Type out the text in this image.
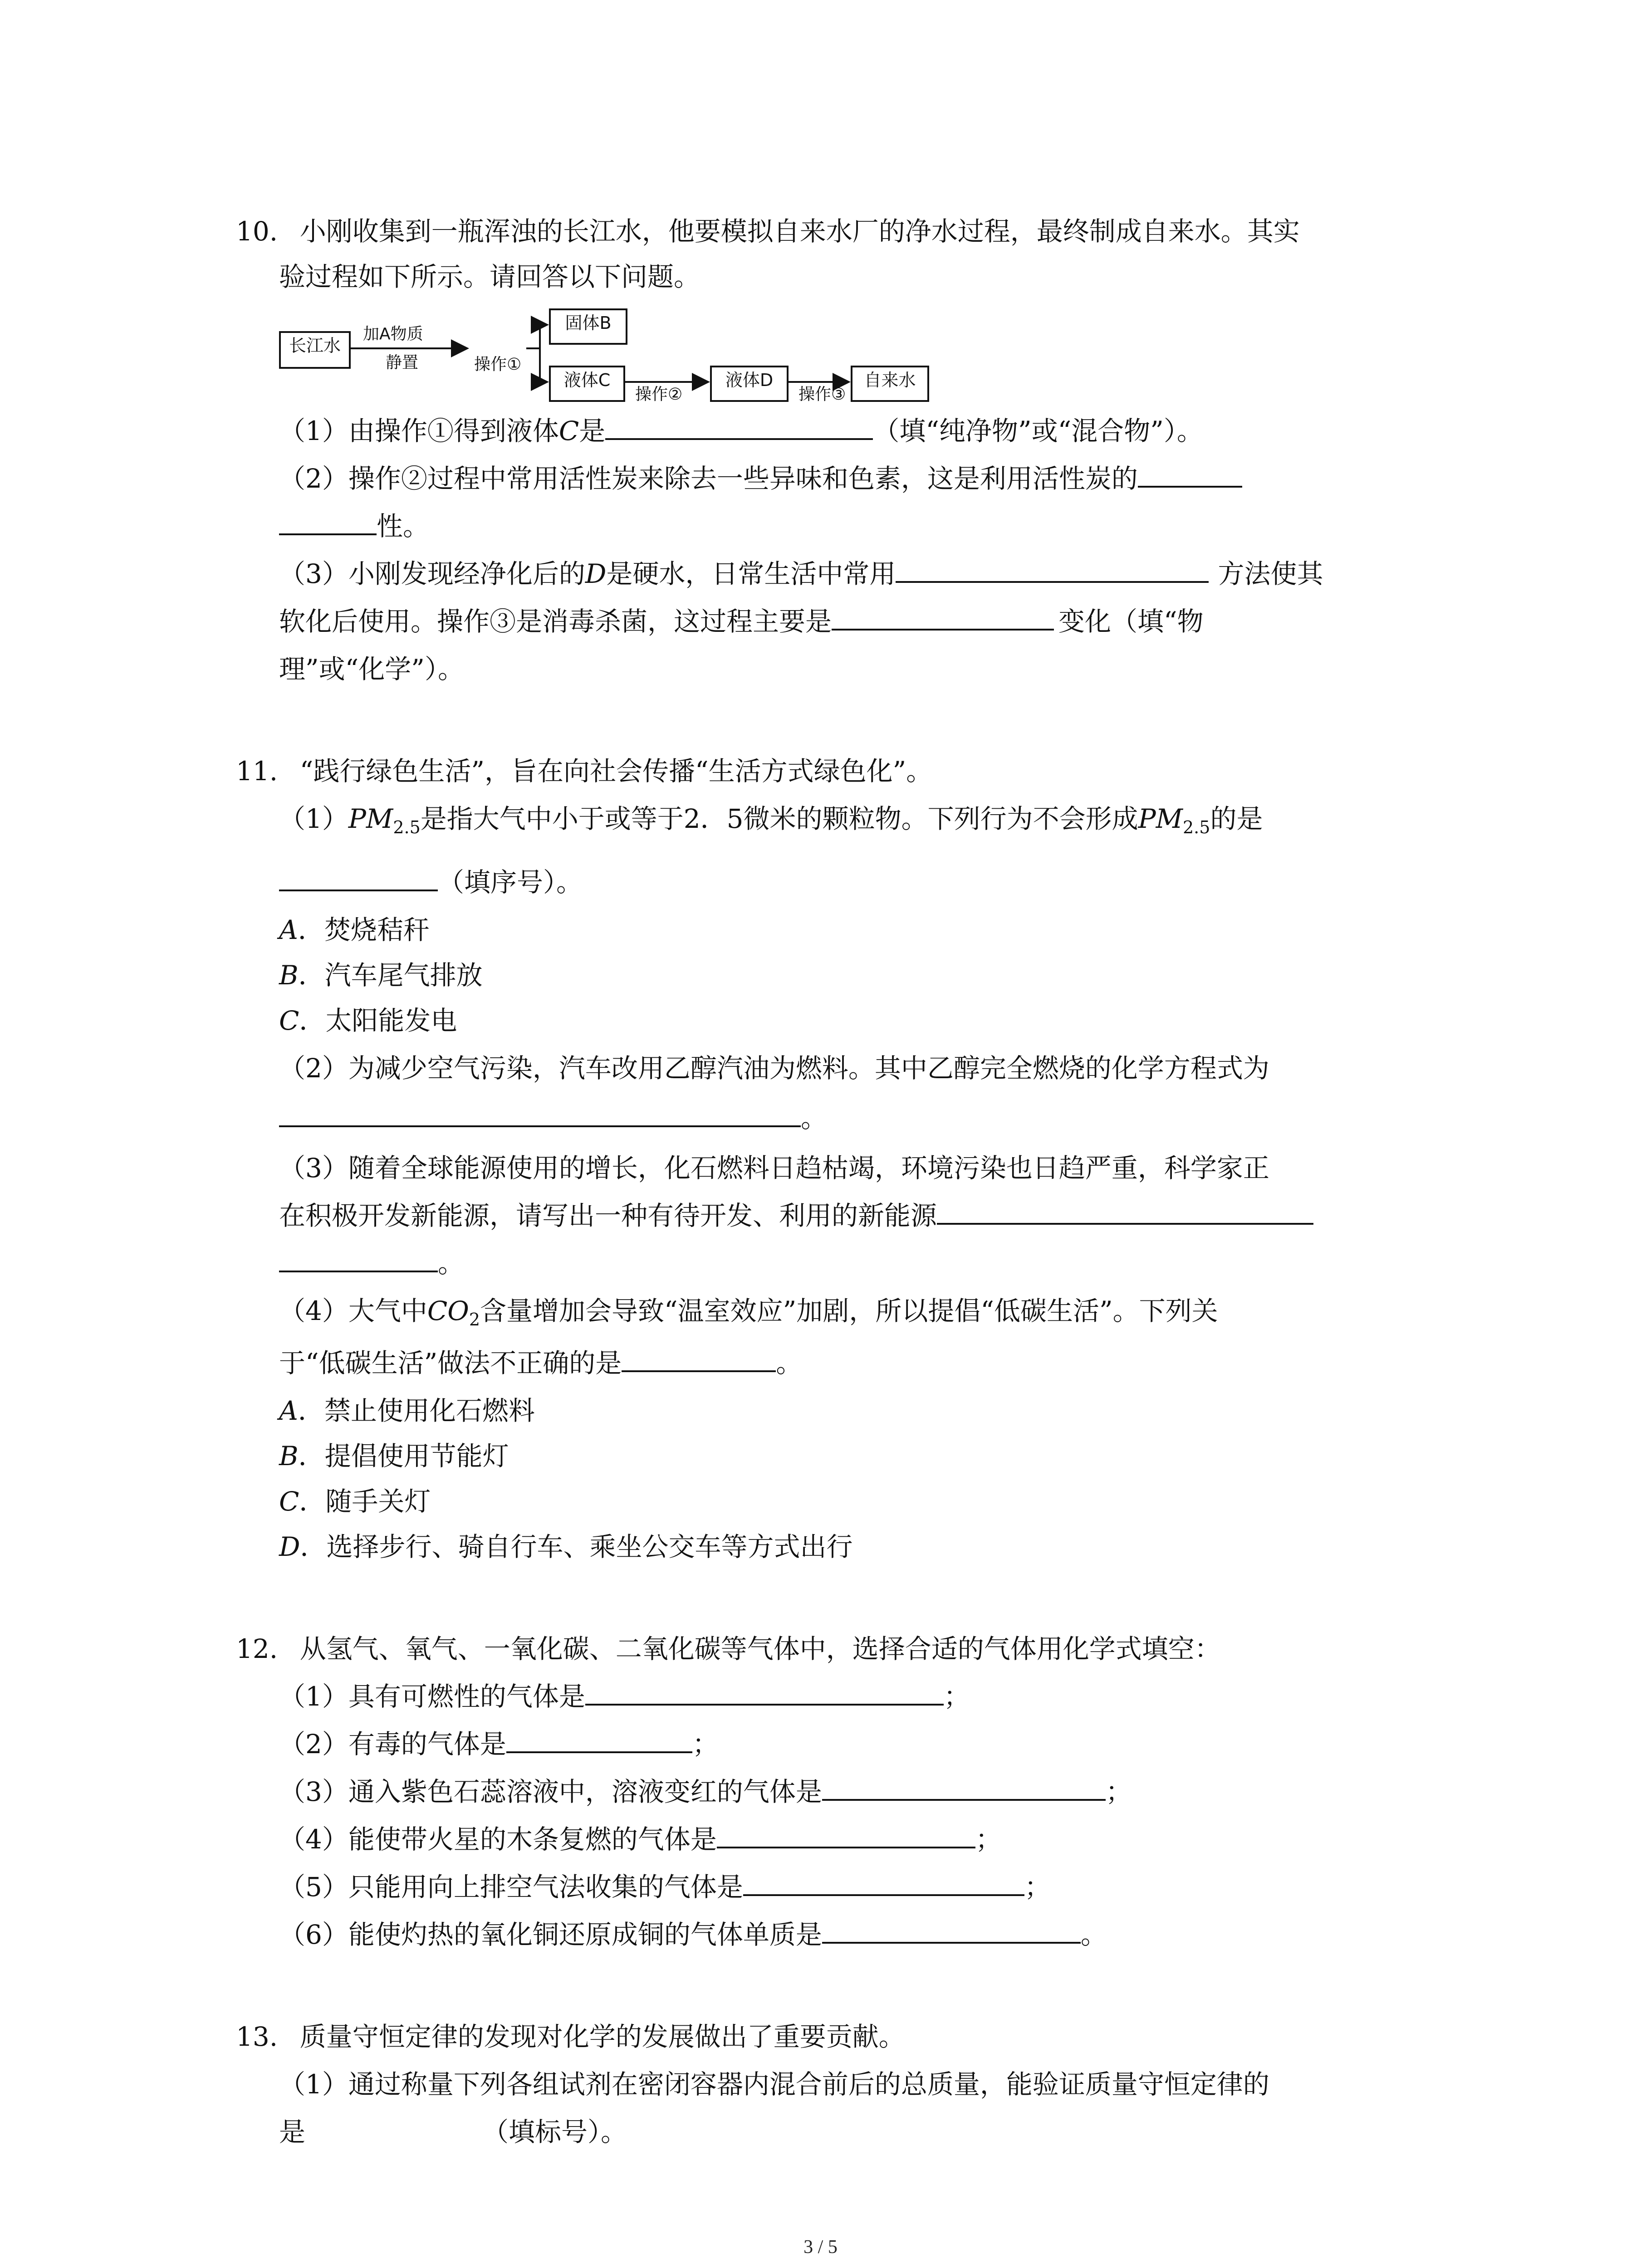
10. 小刚收集到一瓶浑浊的长江水，他要模拟自来水厂的净水过程，最终制成自来水。其实
验过程如下所示。请回答以下问题。
长江水
加A物质
静置	操作①
固体B
液体C
操作②
液体D
操作③
自来水
（1）由操作①得到液体C是	（填“纯净物”或“混合物”）。
（2）操作②过程中常用活性炭来除去一些异味和色素，这是利用活性炭的
性。
（3）小刚发现经净化后的D是硬水，日常生活中常用	方法使其
软化后使用。操作③是消毒杀菌，这过程主要是	变化（填“物
理”或“化学”）。
11. “践行绿色生活”，旨在向社会传播“生活方式绿色化”。
$(1)PM_{2.5}$是指大气中小于或等于2．5微米的颗粒物。下列行为不会形成$PM_{2.5}$的是
（填序号）。
A．焚烧秸秆
B．汽车尾气排放
C．太阳能发电
（2）为减少空气污染，汽车改用乙醇汽油为燃料。其中乙醇完全燃烧的化学方程式为
。
（3）随着全球能源使用的增长，化石燃料日趋枯竭，环境污染也日趋严重，科学家正
在积极开发新能源，请写出一种有待开发、利用的新能源
。
（4）大气中$CO_2$含量增加会导致“温室效应”加剧，所以提倡“低碳生活”。下列关
于“低碳生活”做法不正确的是	。
A．禁止使用化石燃料
B．提倡使用节能灯
C．随手关灯
D．选择步行、骑自行车、乘坐公交车等方式出行
12. 从氢气、氧气、一氧化碳、二氧化碳等气体中，选择合适的气体用化学式填空：
（1）具有可燃性的气体是	；
（2）有毒的气体是	；
（3）通入紫色石蕊溶液中，溶液变红的气体是	；
（4）能使带火星的木条复燃的气体是	；
（5）只能用向上排空气法收集的气体是	；
（6）能使灼热的氧化铜还原成铜的气体单质是	。
13. 质量守恒定律的发现对化学的发展做出了重要贡献。
（1）通过称量下列各组试剂在密闭容器内混合前后的总质量，能验证质量守恒定律的
是	（填标号）。
3 / 5
